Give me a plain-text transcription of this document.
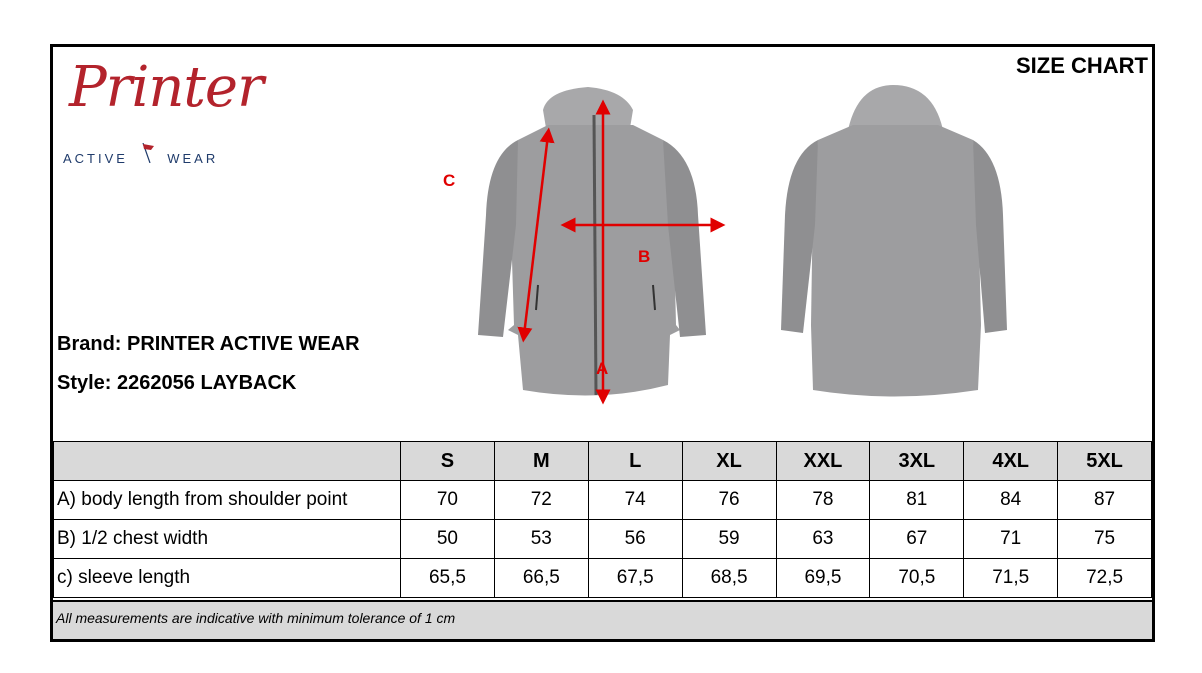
Printer
ACTIVE	WEAR
SIZE CHART
Brand: PRINTER ACTIVE WEAR
Style: 2262056 LAYBACK
C
B
A
	S	M	L	XL	XXL	3XL	4XL	5XL
A) body length from shoulder point	70	72	74	76	78	81	84	87
B) 1/2 chest width	50	53	56	59	63	67	71	75
c) sleeve length	65,5	66,5	67,5	68,5	69,5	70,5	71,5	72,5
All measurements are indicative with minimum tolerance of 1 cm
